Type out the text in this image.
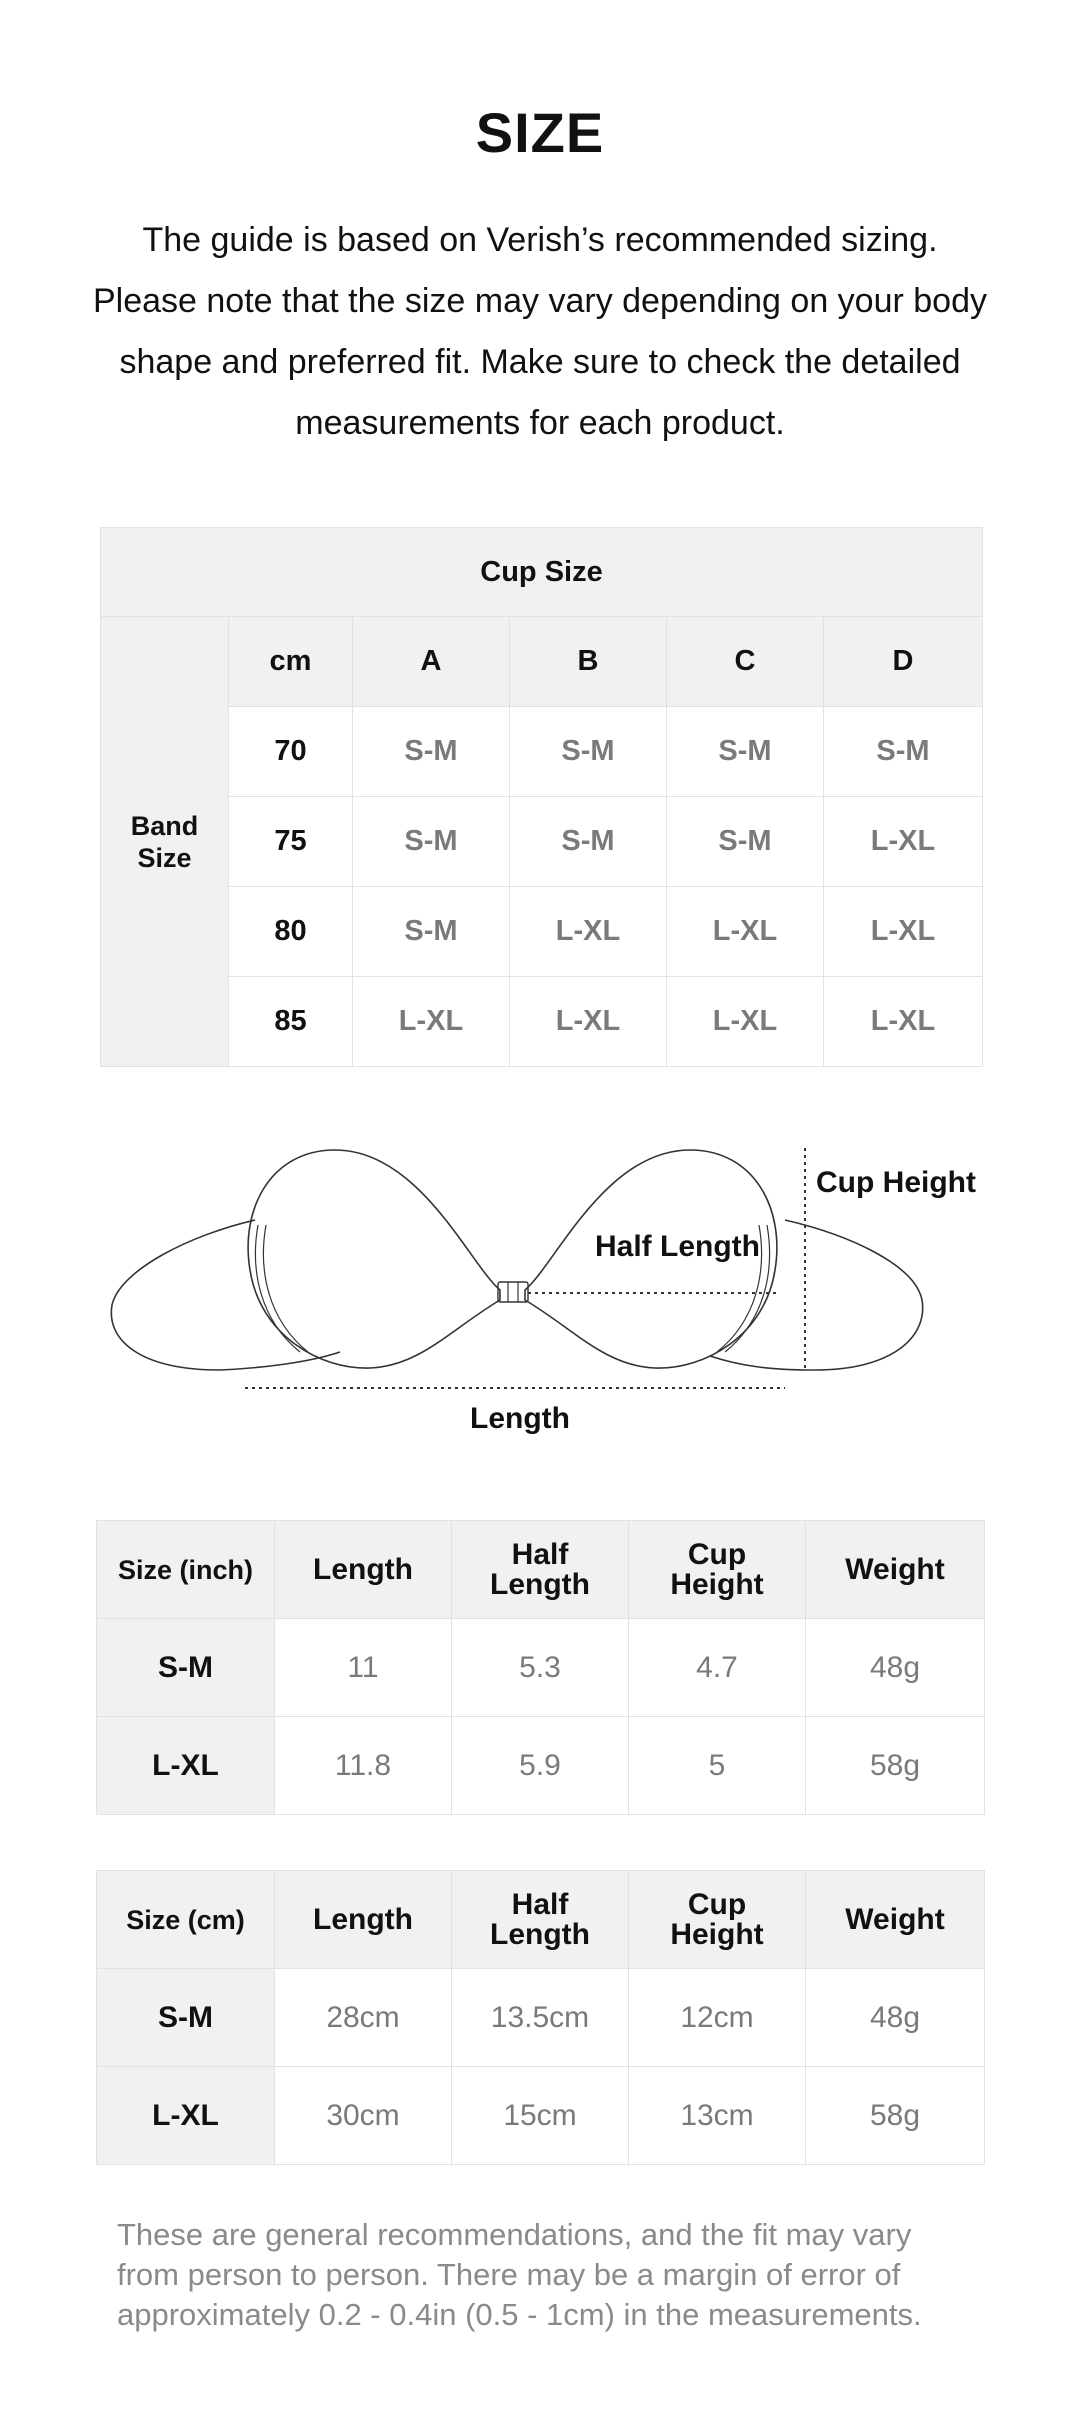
SIZE
The guide is based on Verish’s recommended sizing. Please note that the size may vary depending on your body shape and preferred fit. Make sure to check the detailed measurements for each product.
Cup Size					
Band Size	cm	A	B	C	D
	70	S-M	S-M	S-M	S-M
	75	S-M	S-M	S-M	L-XL
	80	S-M	L-XL	L-XL	L-XL
	85	L-XL	L-XL	L-XL	L-XL
Cup Height
Half Length
Length
Size (inch)	Length	Half Length	Cup Height	Weight
S-M	11	5.3	4.7	48g
L-XL	11.8	5.9	5	58g
Size (cm)	Length	Half Length	Cup Height	Weight
S-M	28cm	13.5cm	12cm	48g
L-XL	30cm	15cm	13cm	58g
These are general recommendations, and the fit may vary from person to person. There may be a margin of error of approximately 0.2 - 0.4in (0.5 - 1cm) in the measurements.
